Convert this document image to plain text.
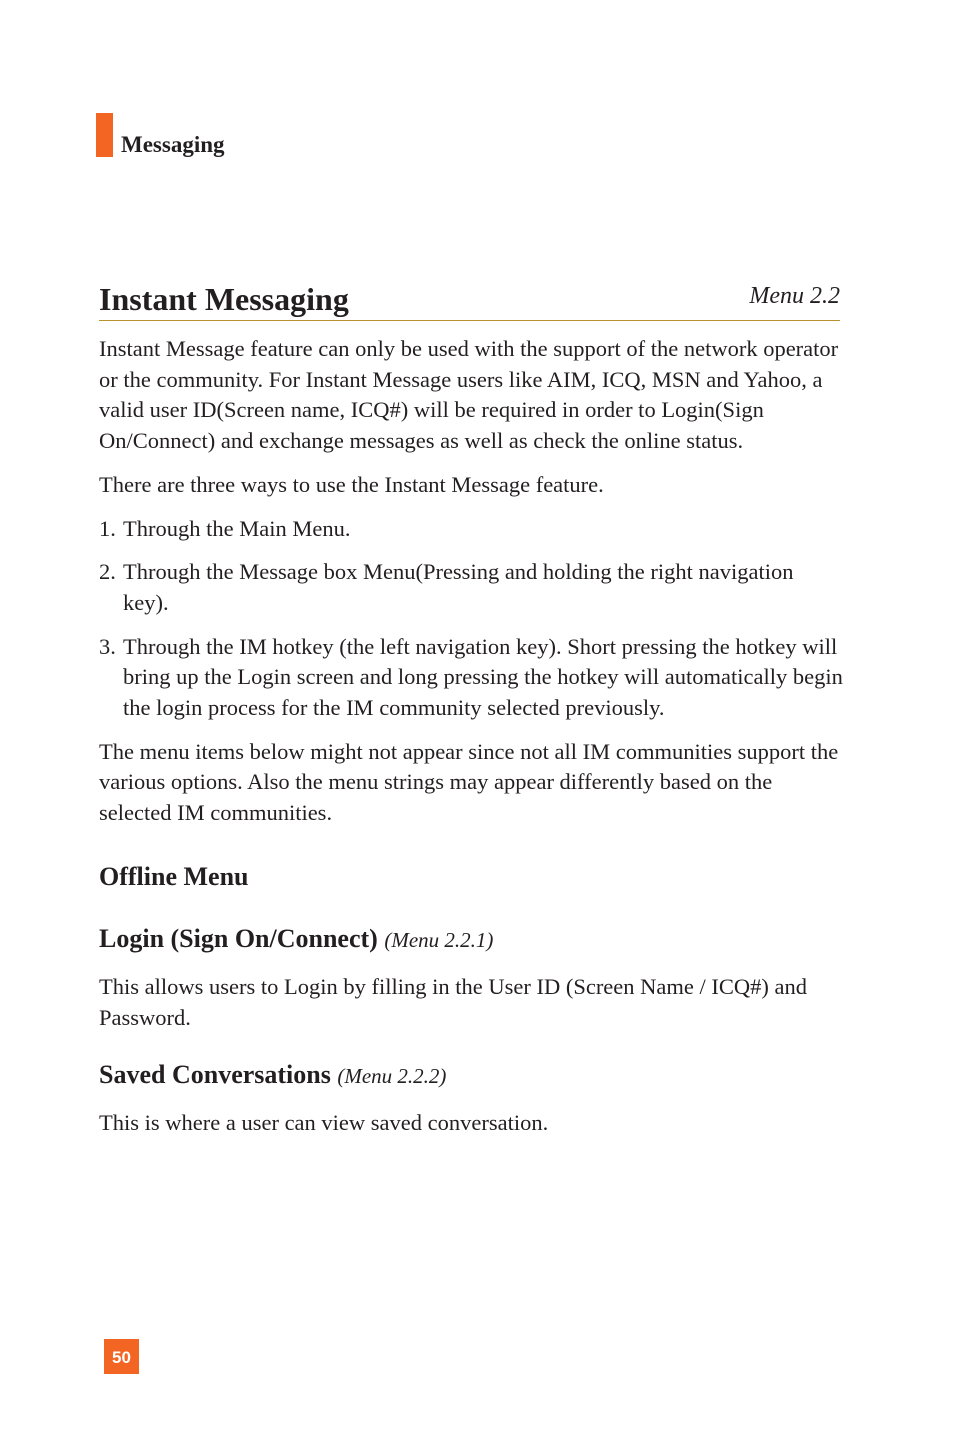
Messaging
Instant Messaging	Menu 2.2

Instant Message feature can only be used with the support of the network operator or the community. For Instant Message users like AIM, ICQ, MSN and Yahoo, a valid user ID(Screen name, ICQ#) will be required in order to Login(Sign On/Connect) and exchange messages as well as check the online status.

There are three ways to use the Instant Message feature.

1. Through the Main Menu.
2. Through the Message box Menu(Pressing and holding the right navigation key).
3. Through the IM hotkey (the left navigation key). Short pressing the hotkey will bring up the Login screen and long pressing the hotkey will automatically begin the login process for the IM community selected previously.

The menu items below might not appear since not all IM communities support the various options. Also the menu strings may appear differently based on the selected IM communities.

Offline Menu
Login (Sign On/Connect) (Menu 2.2.1)

This allows users to Login by filling in the User ID (Screen Name / ICQ#) and Password.

Saved Conversations (Menu 2.2.2)

This is where a user can view saved conversation.

50
